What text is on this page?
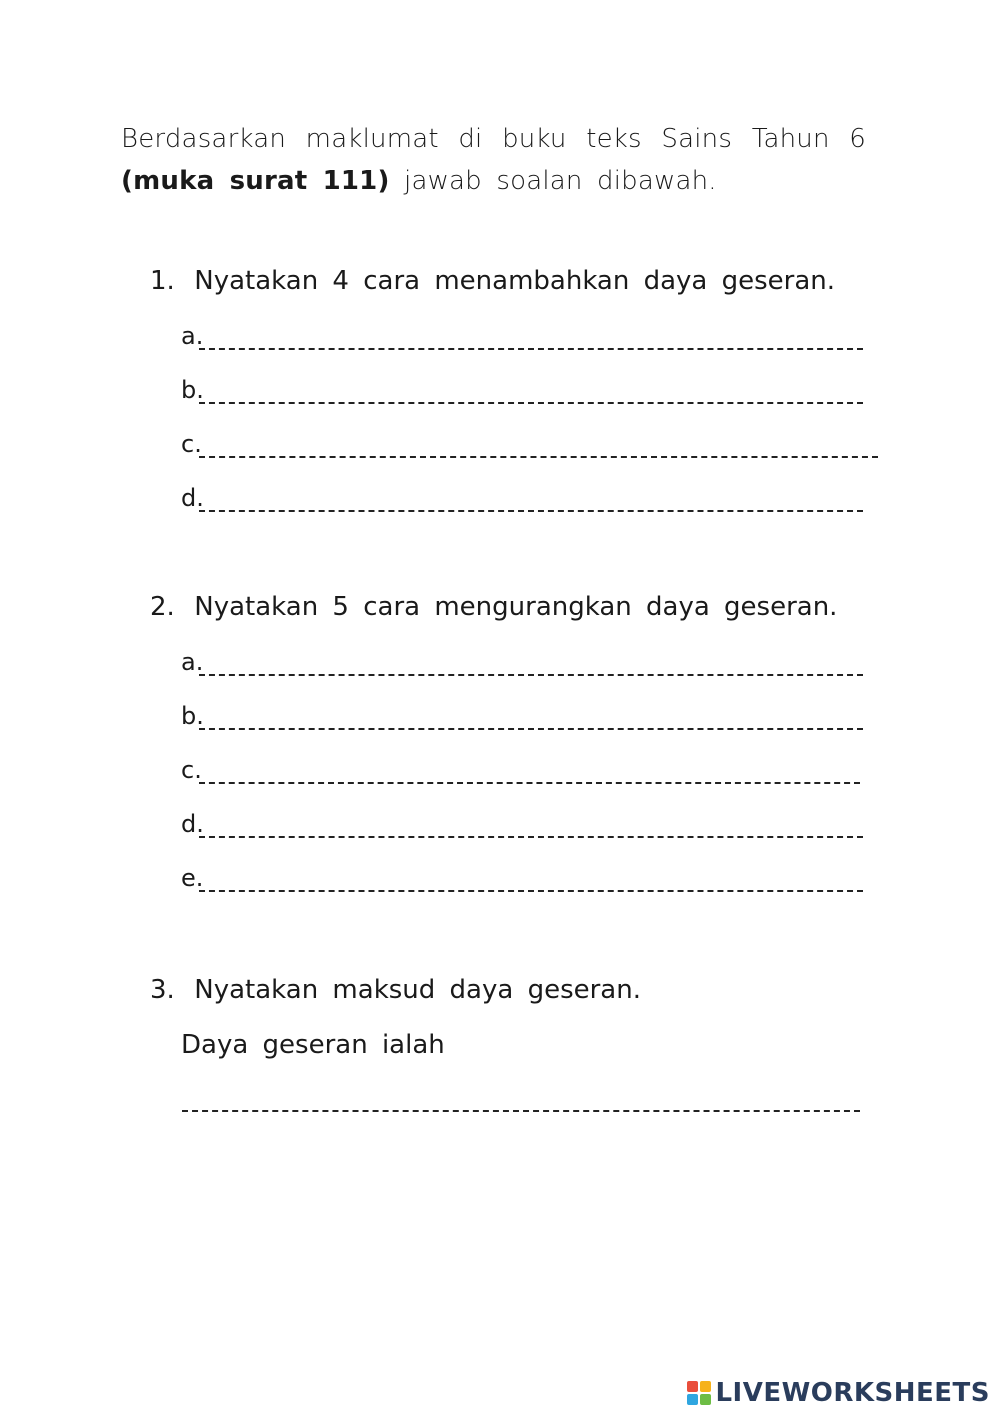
Berdasarkan maklumat di buku teks Sains Tahun 6 (muka surat 111) jawab soalan dibawah.

1. Nyatakan 4 cara menambahkan daya geseran.
a.
b.
c.
d.
2. Nyatakan 5 cara mengurangkan daya geseran.
a.
b.
c.
d.
e.
3. Nyatakan maksud daya geseran.
Daya geseran ialah
LIVEWORKSHEETS
